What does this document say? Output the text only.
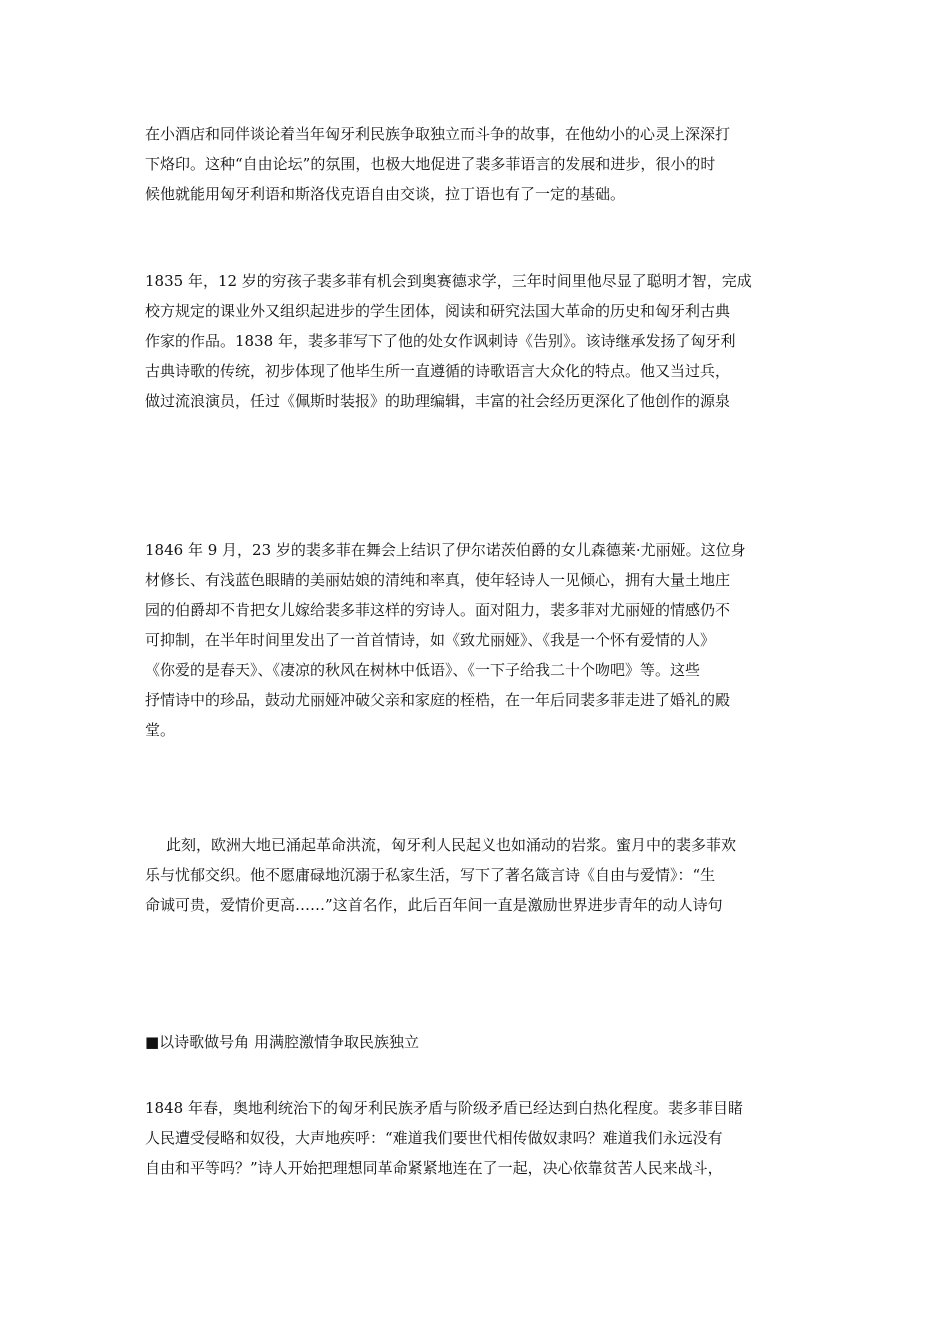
在小酒店和同伴谈论着当年匈牙利民族争取独立而斗争的故事，在他幼小的心灵上深深打
下烙印。这种“自由论坛”的氛围，也极大地促进了裴多菲语言的发展和进步，很小的时
候他就能用匈牙利语和斯洛伐克语自由交谈，拉丁语也有了一定的基础。
1835 年，12 岁的穷孩子裴多菲有机会到奥赛德求学，三年时间里他尽显了聪明才智，完成
校方规定的课业外又组织起进步的学生团体，阅读和研究法国大革命的历史和匈牙利古典
作家的作品。1838 年，裴多菲写下了他的处女作讽刺诗《告别》。该诗继承发扬了匈牙利
古典诗歌的传统，初步体现了他毕生所一直遵循的诗歌语言大众化的特点。他又当过兵，
做过流浪演员，任过《佩斯时装报》的助理编辑，丰富的社会经历更深化了他创作的源泉
1846 年 9 月，23 岁的裴多菲在舞会上结识了伊尔诺茨伯爵的女儿森德莱·尤丽娅。这位身
材修长、有浅蓝色眼睛的美丽姑娘的清纯和率真，使年轻诗人一见倾心，拥有大量土地庄
园的伯爵却不肯把女儿嫁给裴多菲这样的穷诗人。面对阻力，裴多菲对尤丽娅的情感仍不
可抑制，在半年时间里发出了一首首情诗，如《致尤丽娅》、《我是一个怀有爱情的人》
《你爱的是春天》、《凄凉的秋风在树林中低语》、《一下子给我二十个吻吧》等。这些
抒情诗中的珍品，鼓动尤丽娅冲破父亲和家庭的桎梏，在一年后同裴多菲走进了婚礼的殿
堂。
此刻，欧洲大地已涌起革命洪流，匈牙利人民起义也如涌动的岩浆。蜜月中的裴多菲欢
乐与忧郁交织。他不愿庸碌地沉溺于私家生活，写下了著名箴言诗《自由与爱情》：“生
命诚可贵，爱情价更高……”这首名作，此后百年间一直是激励世界进步青年的动人诗句
■以诗歌做号角 用满腔激情争取民族独立
1848 年春，奥地利统治下的匈牙利民族矛盾与阶级矛盾已经达到白热化程度。裴多菲目睹
人民遭受侵略和奴役，大声地疾呼：“难道我们要世代相传做奴隶吗？难道我们永远没有
自由和平等吗？”诗人开始把理想同革命紧紧地连在了一起，决心依靠贫苦人民来战斗，
